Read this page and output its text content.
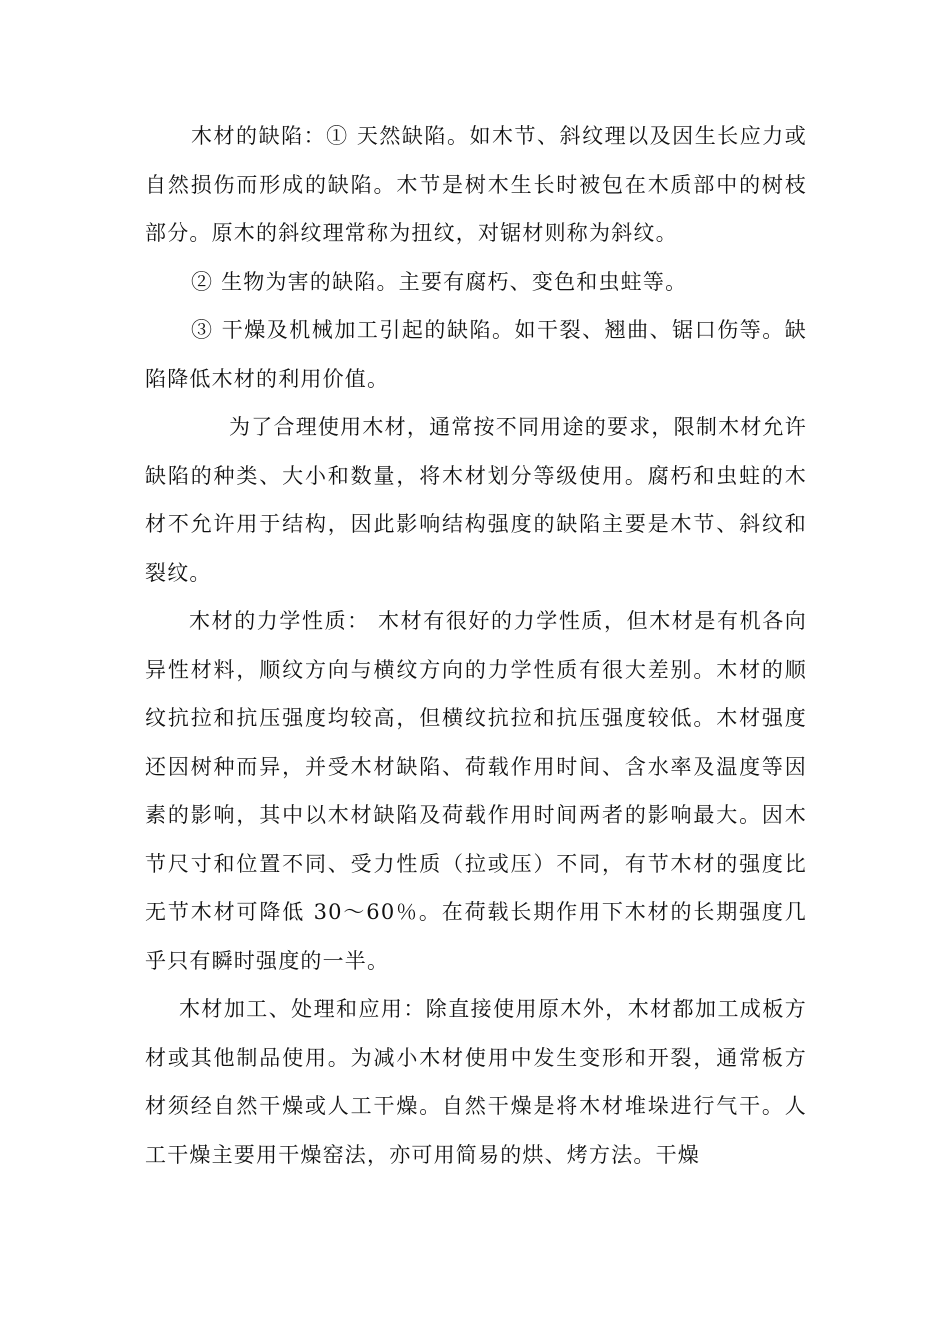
木材的缺陷：① 天然缺陷。如木节、斜纹理以及因生长应力或自然损伤而形成的缺陷。木节是树木生长时被包在木质部中的树枝部分。原木的斜纹理常称为扭纹，对锯材则称为斜纹。

② 生物为害的缺陷。主要有腐朽、变色和虫蛀等。

③ 干燥及机械加工引起的缺陷。如干裂、翘曲、锯口伤等。缺陷降低木材的利用价值。

为了合理使用木材，通常按不同用途的要求，限制木材允许缺陷的种类、大小和数量，将木材划分等级使用。腐朽和虫蛀的木材不允许用于结构，因此影响结构强度的缺陷主要是木节、斜纹和裂纹。

木材的力学性质： 木材有很好的力学性质，但木材是有机各向异性材料，顺纹方向与横纹方向的力学性质有很大差别。木材的顺纹抗拉和抗压强度均较高，但横纹抗拉和抗压强度较低。木材强度还因树种而异，并受木材缺陷、荷载作用时间、含水率及温度等因素的影响，其中以木材缺陷及荷载作用时间两者的影响最大。因木节尺寸和位置不同、受力性质（拉或压）不同，有节木材的强度比无节木材可降低 30～60％。在荷载长期作用下木材的长期强度几乎只有瞬时强度的一半。

木材加工、处理和应用：除直接使用原木外，木材都加工成板方材或其他制品使用。为减小木材使用中发生变形和开裂，通常板方材须经自然干燥或人工干燥。自然干燥是将木材堆垛进行气干。人工干燥主要用干燥窑法，亦可用简易的烘、烤方法。干燥
